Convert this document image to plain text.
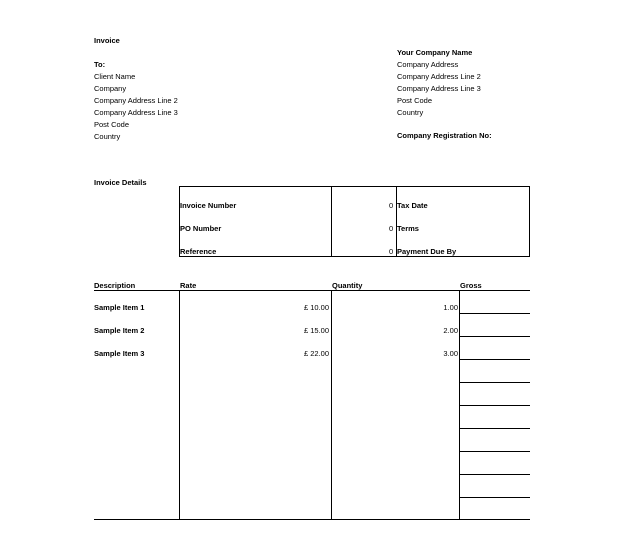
Invoice
To:
Client Name
Company
Company Address Line 2
Company Address Line 3
Post Code
Country
Your Company Name
Company Address
Company Address Line 2
Company Address Line 3
Post Code
Country
Company Registration No:
Invoice Details
Invoice Number	0 Tax Date
PO Number	0 Terms
Reference	0 Payment Due By
Description	Rate	Quantity	Gross
Sample Item 1	£ 10.00	1.00
Sample Item 2	£ 15.00	2.00
Sample Item 3	£ 22.00	3.00
